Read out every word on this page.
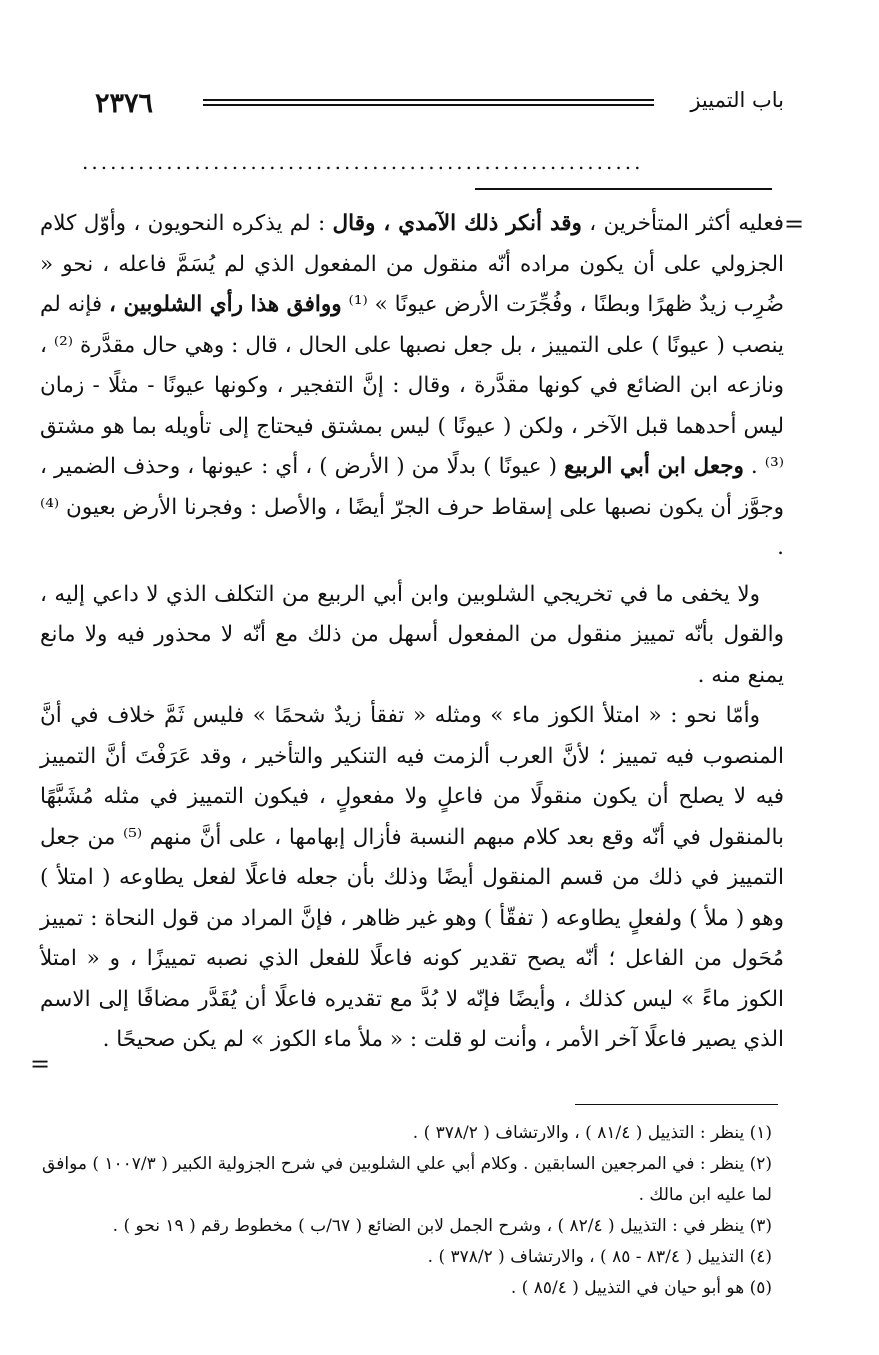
٢٣٧٦	باب التمييز
............................................................
=
=

فعليه أكثر المتأخرين ، وقد أنكر ذلك الآمدي ، وقال : لم يذكره النحويون ، وأوّل كلام الجزولي على أن يكون مراده أنّه منقول من المفعول الذي لم يُسَمَّ فاعله ، نحو « ضُرِب زيدٌ ظهرًا وبطنًا ، وفُجِّرَت الأرض عيونًا » ⁽¹⁾ ووافق هذا رأي الشلوبين ، فإنه لم ينصب ( عيونًا ) على التمييز ، بل جعل نصبها على الحال ، قال : وهي حال مقدَّرة ⁽²⁾ ، ونازعه ابن الضائع في كونها مقدَّرة ، وقال : إنَّ التفجير ، وكونها عيونًا - مثلًا - زمان ليس أحدهما قبل الآخر ، ولكن ( عيونًا ) ليس بمشتق فيحتاج إلى تأويله بما هو مشتق ⁽³⁾ . وجعل ابن أبي الربيع ( عيونًا ) بدلًا من ( الأرض ) ، أي : عيونها ، وحذف الضمير ، وجوَّز أن يكون نصبها على إسقاط حرف الجرّ أيضًا ، والأصل : وفجرنا الأرض بعيون ⁽⁴⁾ .

ولا يخفى ما في تخريجي الشلوبين وابن أبي الربيع من التكلف الذي لا داعي إليه ، والقول بأنّه تمييز منقول من المفعول أسهل من ذلك مع أنّه لا محذور فيه ولا مانع يمنع منه .

وأمّا نحو : « امتلأ الكوز ماء » ومثله « تفقأ زيدٌ شحمًا » فليس ثَمَّ خلاف في أنَّ المنصوب فيه تمييز ؛ لأنَّ العرب ألزمت فيه التنكير والتأخير ، وقد عَرَفْتَ أنَّ التمييز فيه لا يصلح أن يكون منقولًا من فاعلٍ ولا مفعولٍ ، فيكون التمييز في مثله مُشَبَّهًا بالمنقول في أنّه وقع بعد كلام مبهم النسبة فأزال إبهامها ، على أنَّ منهم ⁽⁵⁾ من جعل التمييز في ذلك من قسم المنقول أيضًا وذلك بأن جعله فاعلًا لفعل يطاوعه ( امتلأ ) وهو ( ملأ ) ولفعلٍ يطاوعه ( تفقّأ ) وهو غير ظاهر ، فإنَّ المراد من قول النحاة : تمييز مُحَول من الفاعل ؛ أنّه يصح تقدير كونه فاعلًا للفعل الذي نصبه تمييزًا ، و « امتلأ الكوز ماءً » ليس كذلك ، وأيضًا فإنّه لا بُدَّ مع تقديره فاعلًا أن يُقَدَّر مضافًا إلى الاسم الذي يصير فاعلًا آخر الأمر ، وأنت لو قلت : « ملأ ماء الكوز » لم يكن صحيحًا .

(١) ينظر : التذييل ( ٨١/٤ ) ، والارتشاف ( ٣٧٨/٢ ) .
(٢) ينظر : في المرجعين السابقين . وكلام أبي علي الشلوبين في شرح الجزولية الكبير ( ١٠٠٧/٣ ) موافق لما عليه ابن مالك .
(٣) ينظر في : التذييل ( ٨٢/٤ ) ، وشرح الجمل لابن الضائع ( ٦٧/ب ) مخطوط رقم ( ١٩ نحو ) .
(٤) التذييل ( ٨٣/٤ - ٨٥ ) ، والارتشاف ( ٣٧٨/٢ ) .
(٥) هو أبو حيان في التذييل ( ٨٥/٤ ) .
